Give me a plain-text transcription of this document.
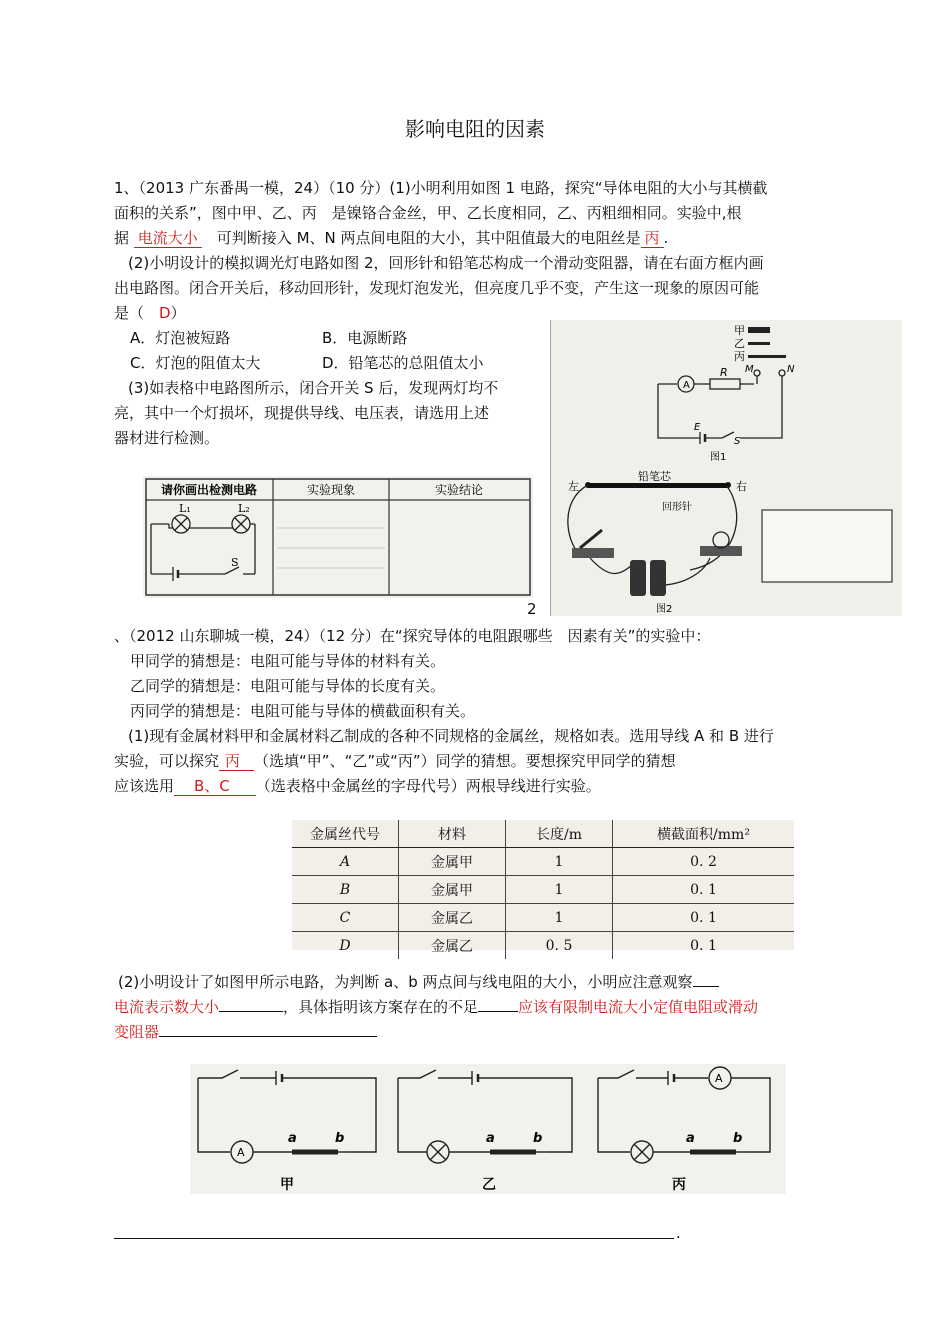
影响电阻的因素
1、（2013 广东番禺一模，24）（10 分）(1)小明利用如图 1 电路，探究“导体电阻的大小与其横截
面积的关系”，图中甲、乙、丙　是镍铬合金丝，甲、乙长度相同，乙、丙粗细相同。实验中,根
据 电流大小　可判断接入 M、N 两点间电阻的大小，其中阻值最大的电阻丝是 丙 .
(2)小明设计的模拟调光灯电路如图 2，回形针和铅笔芯构成一个滑动变阻器，请在右面方框内画
出电路图。闭合开关后，移动回形针，发现灯泡发光，但亮度几乎不变，产生这一现象的原因可能
是（　D）
A．灯泡被短路	B．电源断路
C．灯泡的阻值太大	D．铅笔芯的总阻值太小
(3)如表格中电路图所示，闭合开关 S 后，发现两灯均不
亮，其中一个灯损坏，现提供导线、电压表，请选用上述
器材进行检测。
请你画出检测电路	实验现象	实验结论
L₁	L₂
S
甲
乙
丙
A
R M	N
E
S
图1
铅笔芯
左	右
回形针
图2
2
、（2012 山东聊城一模，24）（12 分）在“探究导体的电阻跟哪些　因素有关”的实验中：
甲同学的猜想是：电阻可能与导体的材料有关。
乙同学的猜想是：电阻可能与导体的长度有关。
丙同学的猜想是：电阻可能与导体的横截面积有关。
(1)现有金属材料甲和金属材料乙制成的各种不同规格的金属丝，规格如表。选用导线 A 和 B 进行
实验，可以探究 丙 （选填“甲”、“乙”或“丙”）同学的猜想。要想探究甲同学的猜想
应该选用 B、C （选表格中金属丝的字母代号）两根导线进行实验。
金属丝代号	材料	长度/m	横截面积/mm²
A	金属甲	1	0. 2
B	金属甲	1	0. 1
C	金属乙	1	0. 1
D	金属乙	0. 5	0. 1
(2)小明设计了如图甲所示电路，为判断 a、b 两点间与线电阻的大小，小明应注意观察
电流表示数大小	，具体指明该方案存在的不足	应该有限制电流大小定值电阻或滑动
变阻器
A
a	b
甲
a	b
乙
A
a	b
丙
.
